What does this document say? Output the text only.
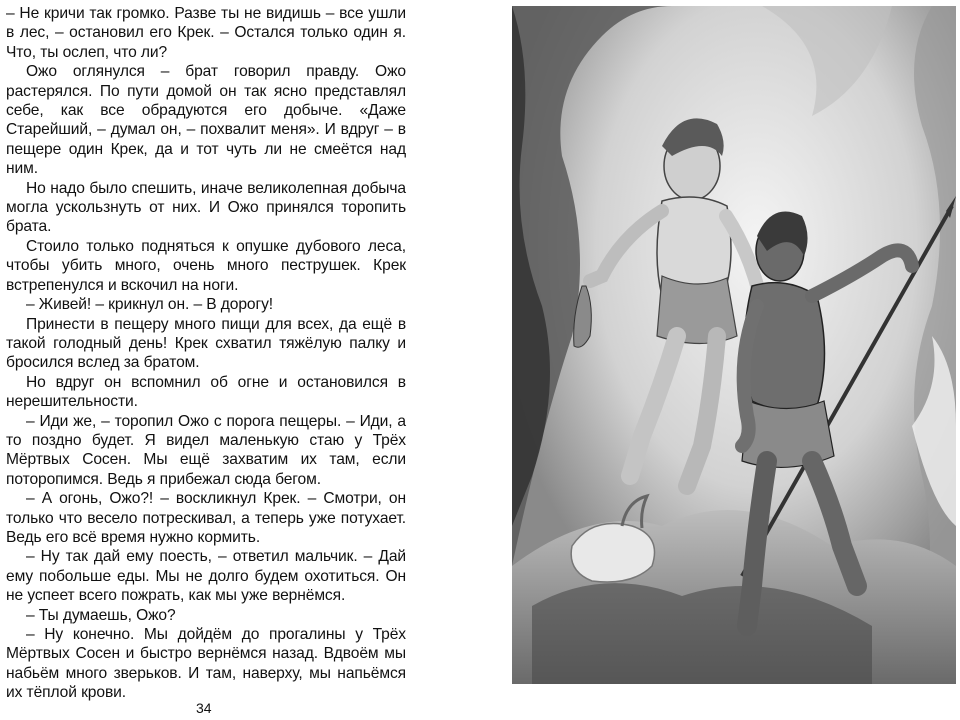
– Не кричи так громко. Разве ты не видишь – все ушли в лес, – остановил его Крек. – Остался только один я. Что, ты ослеп, что ли?

Ожо оглянулся – брат говорил правду. Ожо растерялся. По пути домой он так ясно представлял себе, как все обрадуются его добыче. «Даже Старейший, – думал он, – похвалит меня». И вдруг – в пещере один Крек, да и тот чуть ли не смеётся над ним.

Но надо было спешить, иначе великолепная добыча могла ускользнуть от них. И Ожо принялся торопить брата.

Стоило только подняться к опушке дубового леса, чтобы убить много, очень много пеструшек. Крек встрепенулся и вскочил на ноги.

– Живей! – крикнул он. – В дорогу!

Принести в пещеру много пищи для всех, да ещё в такой голодный день! Крек схватил тяжёлую палку и бросился вслед за братом.

Но вдруг он вспомнил об огне и остановился в нерешительности.

– Иди же, – торопил Ожо с порога пещеры. – Иди, а то поздно будет. Я видел маленькую стаю у Трёх Мёртвых Сосен. Мы ещё захватим их там, если поторопимся. Ведь я прибежал сюда бегом.

– А огонь, Ожо?! – воскликнул Крек. – Смотри, он только что весело потрескивал, а теперь уже потухает. Ведь его всё время нужно кормить.

– Ну так дай ему поесть, – ответил мальчик. – Дай ему побольше еды. Мы не долго будем охотиться. Он не успеет всего пожрать, как мы уже вернёмся.

– Ты думаешь, Ожо?

– Ну конечно. Мы дойдём до прогалины у Трёх Мёртвых Сосен и быстро вернёмся назад. Вдвоём мы набьём много зверьков. И там, наверху, мы напьёмся их тёплой крови.

34
